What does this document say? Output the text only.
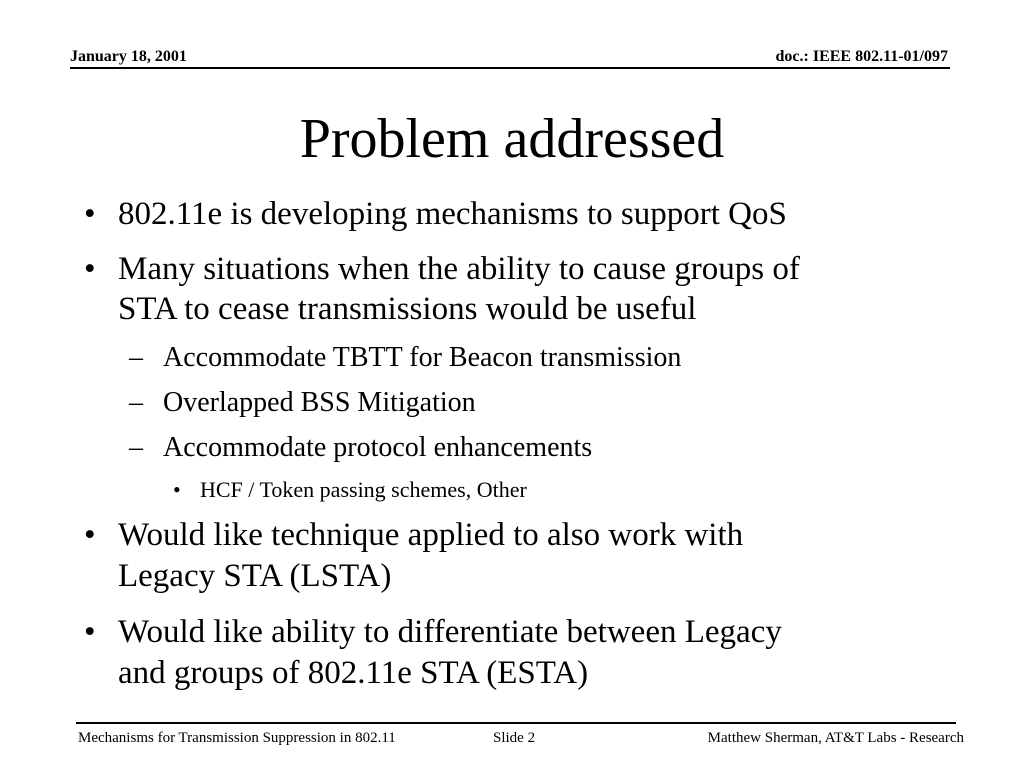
January 18, 2001	doc.: IEEE 802.11-01/097
Problem addressed
• 802.11e is developing mechanisms to support QoS
• Many situations when the ability to cause groups of
STA to cease transmissions would be useful
– Accommodate TBTT for Beacon transmission
– Overlapped BSS Mitigation
– Accommodate protocol enhancements
• HCF / Token passing schemes, Other
• Would like technique applied to also work with
Legacy STA (LSTA)
• Would like ability to differentiate between Legacy
and groups of 802.11e STA (ESTA)
Mechanisms for Transmission Suppression in 802.11	Slide 2	Matthew Sherman, AT&T Labs - Research
